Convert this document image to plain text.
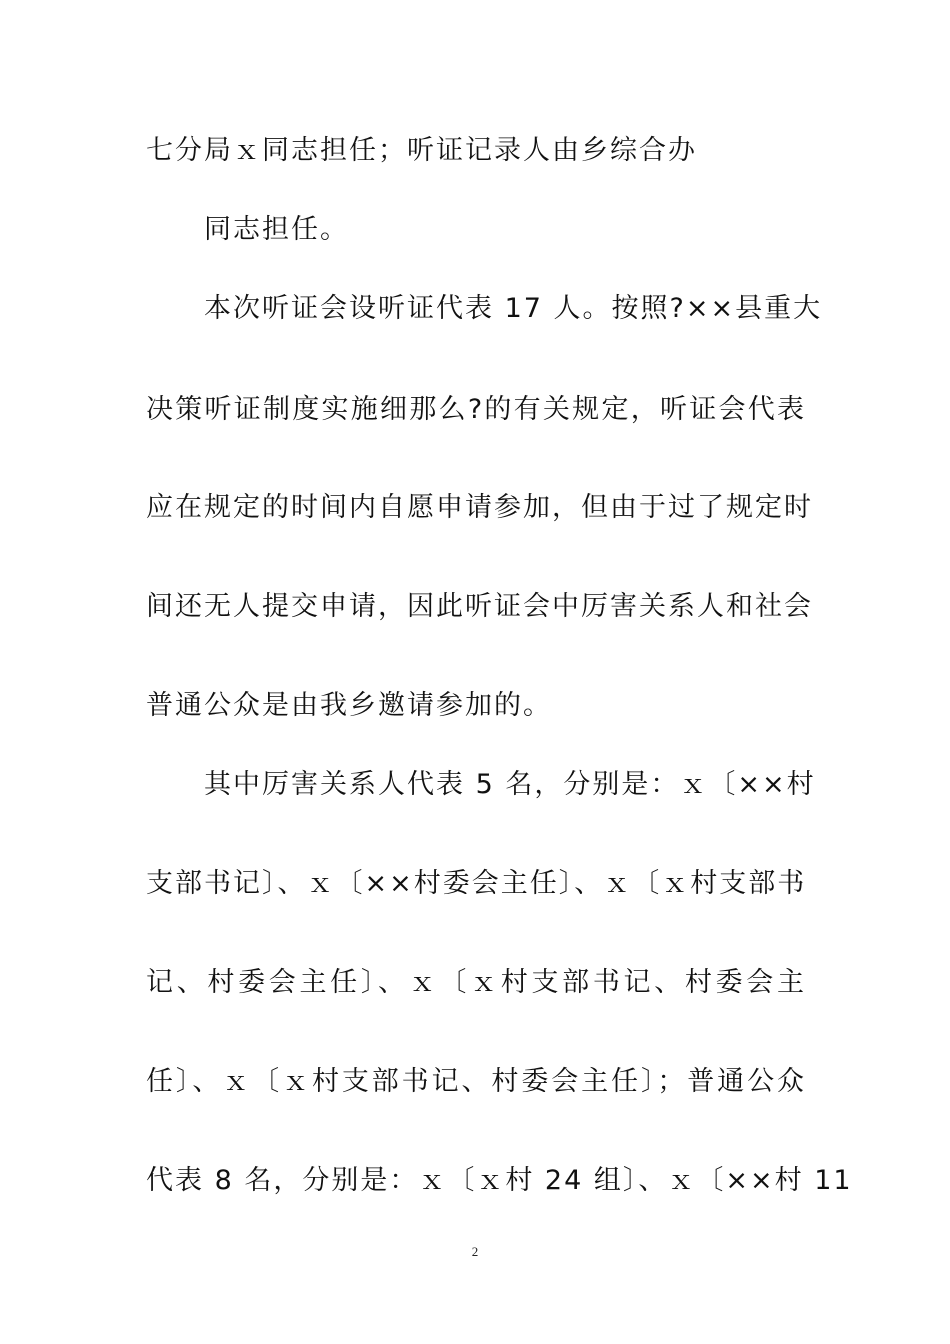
七分局ｘ同志担任；听证记录人由乡综合办
同志担任。
本次听证会设听证代表 17 人。按照?××县重大
决策听证制度实施细那么?的有关规定，听证会代表
应在规定的时间内自愿申请参加，但由于过了规定时
间还无人提交申请，因此听证会中厉害关系人和社会
普通公众是由我乡邀请参加的。
其中厉害关系人代表 5 名，分别是：ｘ〔××村
支部书记〕、ｘ〔××村委会主任〕、ｘ〔ｘ村支部书
记、村委会主任〕、ｘ〔ｘ村支部书记、村委会主
任〕、ｘ〔ｘ村支部书记、村委会主任〕；普通公众
代表 8 名，分别是：ｘ〔ｘ村 24 组〕、ｘ〔××村 11
2
